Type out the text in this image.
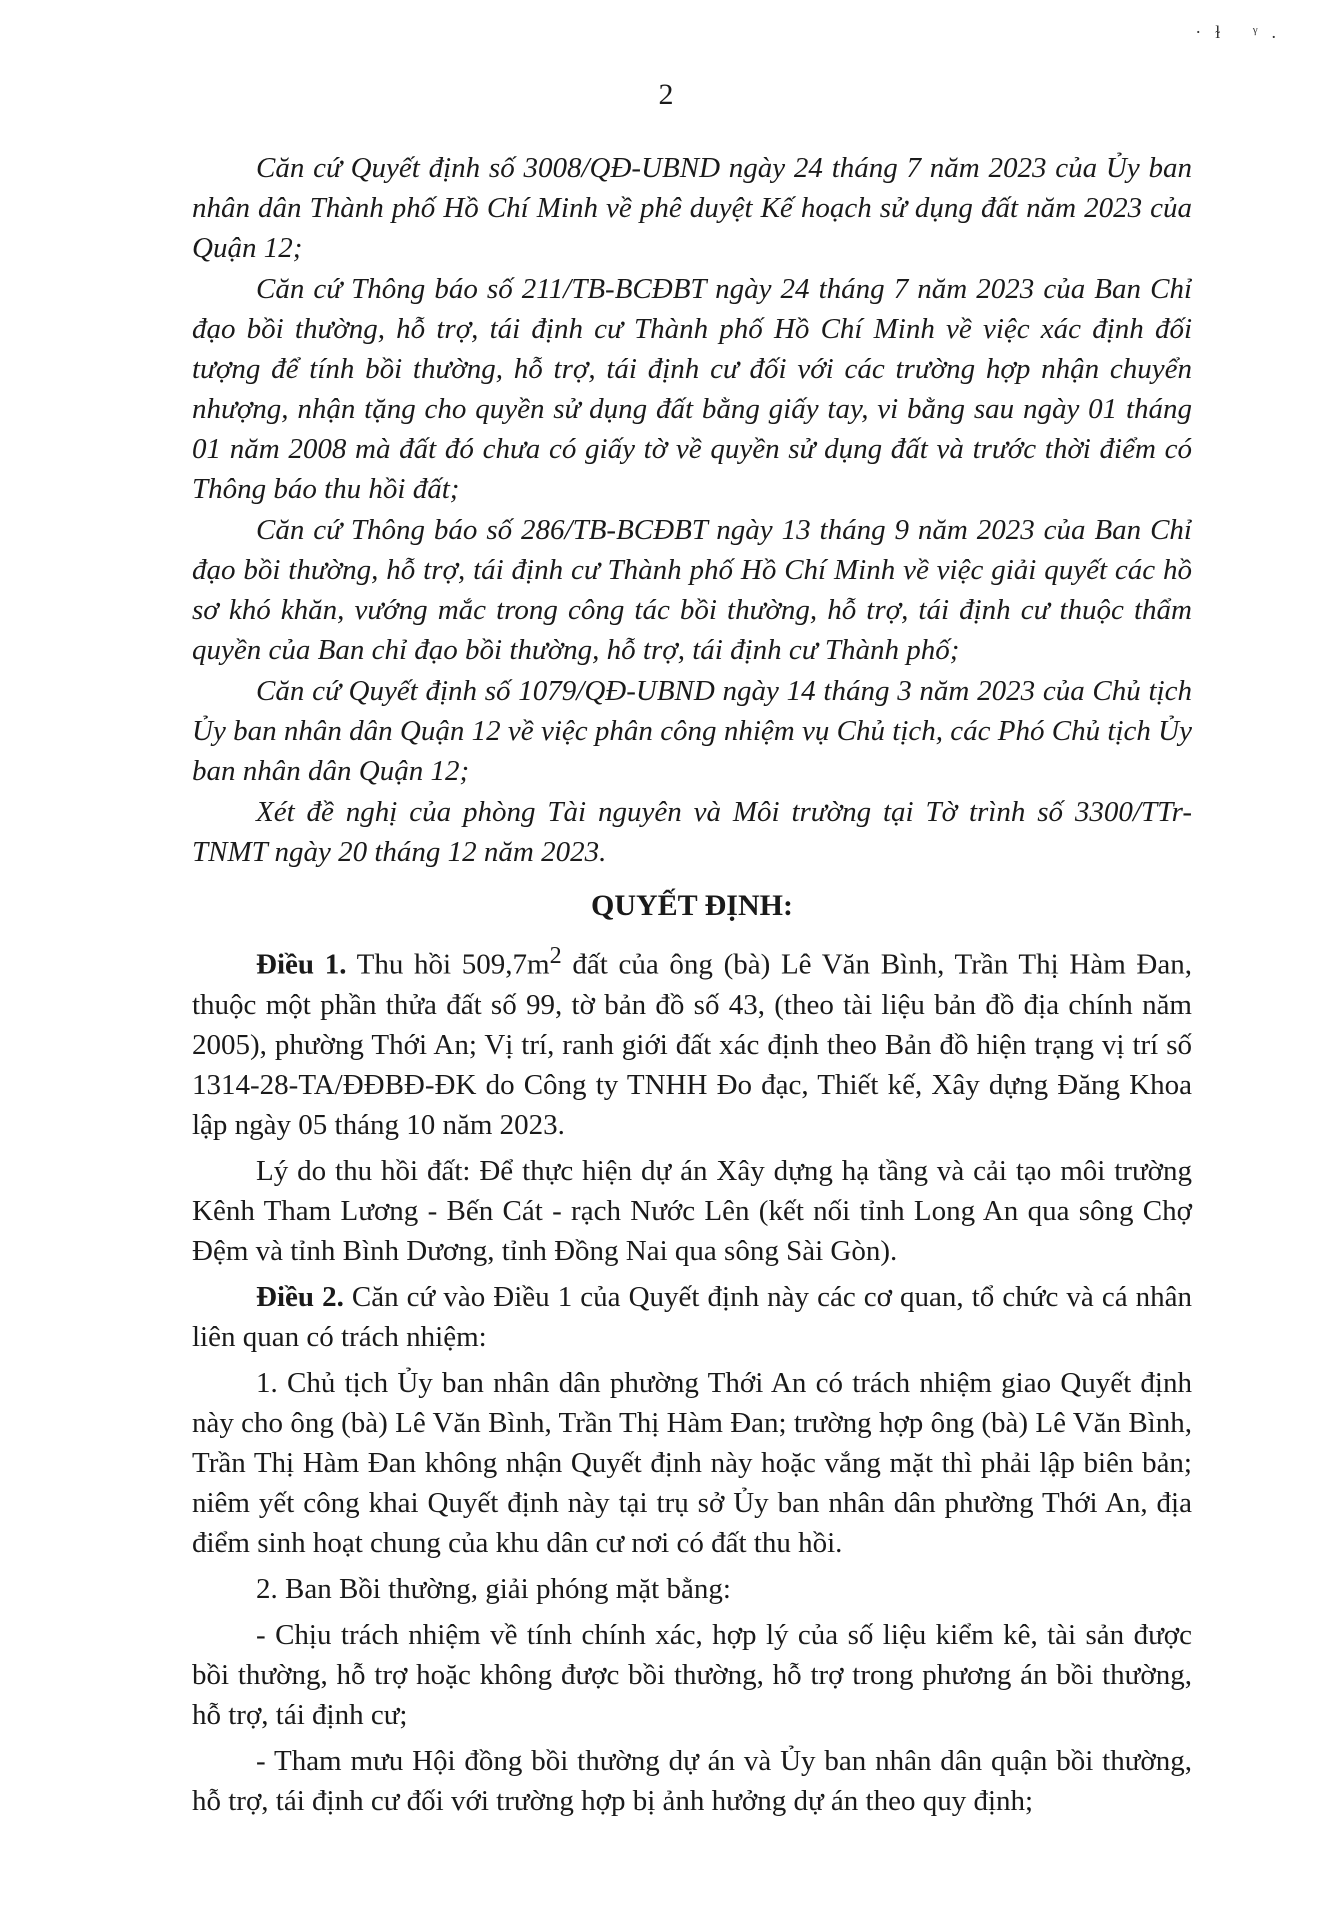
·ɫ ᵞ.
2

Căn cứ Quyết định số 3008/QĐ-UBND ngày 24 tháng 7 năm 2023 của Ủy ban nhân dân Thành phố Hồ Chí Minh về phê duyệt Kế hoạch sử dụng đất năm 2023 của Quận 12;

Căn cứ Thông báo số 211/TB-BCĐBT ngày 24 tháng 7 năm 2023 của Ban Chỉ đạo bồi thường, hỗ trợ, tái định cư Thành phố Hồ Chí Minh về việc xác định đối tượng để tính bồi thường, hỗ trợ, tái định cư đối với các trường hợp nhận chuyển nhượng, nhận tặng cho quyền sử dụng đất bằng giấy tay, vi bằng sau ngày 01 tháng 01 năm 2008 mà đất đó chưa có giấy tờ về quyền sử dụng đất và trước thời điểm có Thông báo thu hồi đất;

Căn cứ Thông báo số 286/TB-BCĐBT ngày 13 tháng 9 năm 2023 của Ban Chỉ đạo bồi thường, hỗ trợ, tái định cư Thành phố Hồ Chí Minh về việc giải quyết các hồ sơ khó khăn, vướng mắc trong công tác bồi thường, hỗ trợ, tái định cư thuộc thẩm quyền của Ban chỉ đạo bồi thường, hỗ trợ, tái định cư Thành phố;

Căn cứ Quyết định số 1079/QĐ-UBND ngày 14 tháng 3 năm 2023 của Chủ tịch Ủy ban nhân dân Quận 12 về việc phân công nhiệm vụ Chủ tịch, các Phó Chủ tịch Ủy ban nhân dân Quận 12;

Xét đề nghị của phòng Tài nguyên và Môi trường tại Tờ trình số 3300/TTr-TNMT ngày 20 tháng 12 năm 2023.

QUYẾT ĐỊNH:

Điều 1. Thu hồi $509,7m^2$ đất của ông (bà) Lê Văn Bình, Trần Thị Hàm Đan, thuộc một phần thửa đất số 99, tờ bản đồ số 43, (theo tài liệu bản đồ địa chính năm 2005), phường Thới An; Vị trí, ranh giới đất xác định theo Bản đồ hiện trạng vị trí số 1314-28-TA/ĐĐBĐ-ĐK do Công ty TNHH Đo đạc, Thiết kế, Xây dựng Đăng Khoa lập ngày 05 tháng 10 năm 2023.

Lý do thu hồi đất: Để thực hiện dự án Xây dựng hạ tầng và cải tạo môi trường Kênh Tham Lương - Bến Cát - rạch Nước Lên (kết nối tỉnh Long An qua sông Chợ Đệm và tỉnh Bình Dương, tỉnh Đồng Nai qua sông Sài Gòn).

Điều 2. Căn cứ vào Điều 1 của Quyết định này các cơ quan, tổ chức và cá nhân liên quan có trách nhiệm:

1. Chủ tịch Ủy ban nhân dân phường Thới An có trách nhiệm giao Quyết định này cho ông (bà) Lê Văn Bình, Trần Thị Hàm Đan; trường hợp ông (bà) Lê Văn Bình, Trần Thị Hàm Đan không nhận Quyết định này hoặc vắng mặt thì phải lập biên bản; niêm yết công khai Quyết định này tại trụ sở Ủy ban nhân dân phường Thới An, địa điểm sinh hoạt chung của khu dân cư nơi có đất thu hồi.

2. Ban Bồi thường, giải phóng mặt bằng:

- Chịu trách nhiệm về tính chính xác, hợp lý của số liệu kiểm kê, tài sản được bồi thường, hỗ trợ hoặc không được bồi thường, hỗ trợ trong phương án bồi thường, hỗ trợ, tái định cư;

- Tham mưu Hội đồng bồi thường dự án và Ủy ban nhân dân quận bồi thường, hỗ trợ, tái định cư đối với trường hợp bị ảnh hưởng dự án theo quy định;
